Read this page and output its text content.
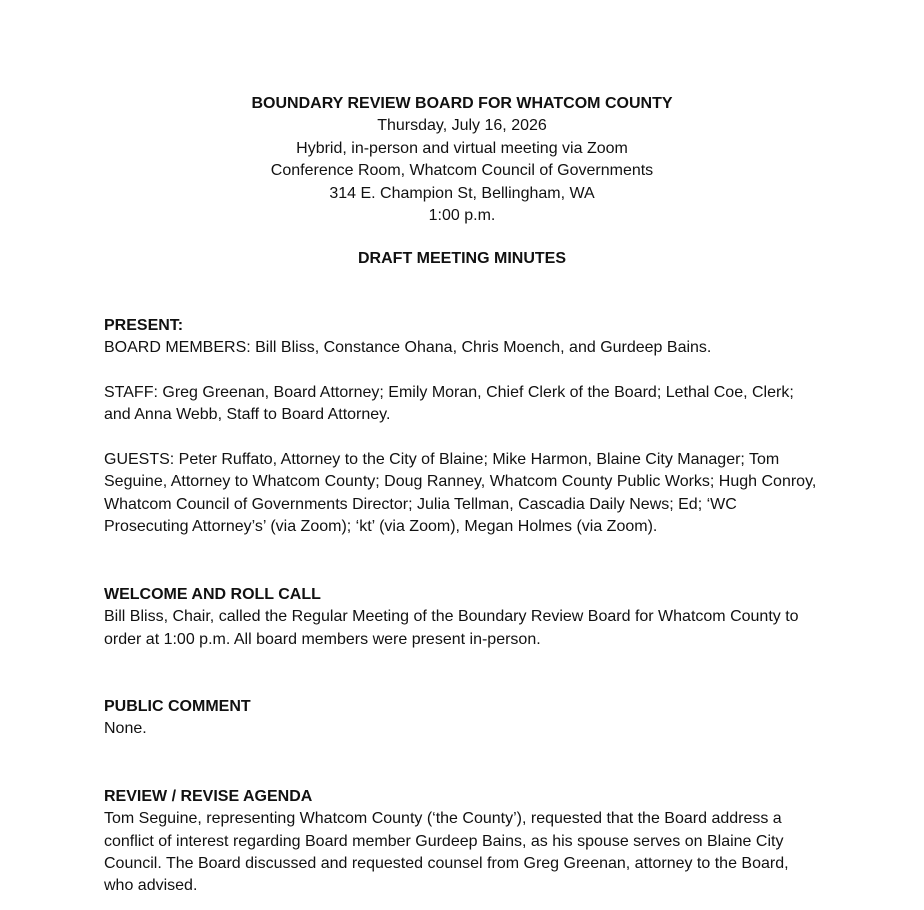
BOUNDARY REVIEW BOARD FOR WHATCOM COUNTY
Thursday, July 16, 2026
Hybrid, in-person and virtual meeting via Zoom
Conference Room, Whatcom Council of Governments
314 E. Champion St, Bellingham, WA
1:00 p.m.
DRAFT MEETING MINUTES
PRESENT:

BOARD MEMBERS: Bill Bliss, Constance Ohana, Chris Moench, and Gurdeep Bains.

STAFF: Greg Greenan, Board Attorney; Emily Moran, Chief Clerk of the Board; Lethal Coe, Clerk; and Anna Webb, Staff to Board Attorney.

GUESTS: Peter Ruffato, Attorney to the City of Blaine; Mike Harmon, Blaine City Manager; Tom Seguine, Attorney to Whatcom County; Doug Ranney, Whatcom County Public Works; Hugh Conroy, Whatcom Council of Governments Director; Julia Tellman, Cascadia Daily News; Ed; ‘WC Prosecuting Attorney’s’ (via Zoom); ‘kt’ (via Zoom), Megan Holmes (via Zoom).

WELCOME AND ROLL CALL

Bill Bliss, Chair, called the Regular Meeting of the Boundary Review Board for Whatcom County to order at 1:00 p.m. All board members were present in-person.

PUBLIC COMMENT

None.

REVIEW / REVISE AGENDA

Tom Seguine, representing Whatcom County (‘the County’), requested that the Board address a conflict of interest regarding Board member Gurdeep Bains, as his spouse serves on Blaine City Council. The Board discussed and requested counsel from Greg Greenan, attorney to the Board, who advised.
